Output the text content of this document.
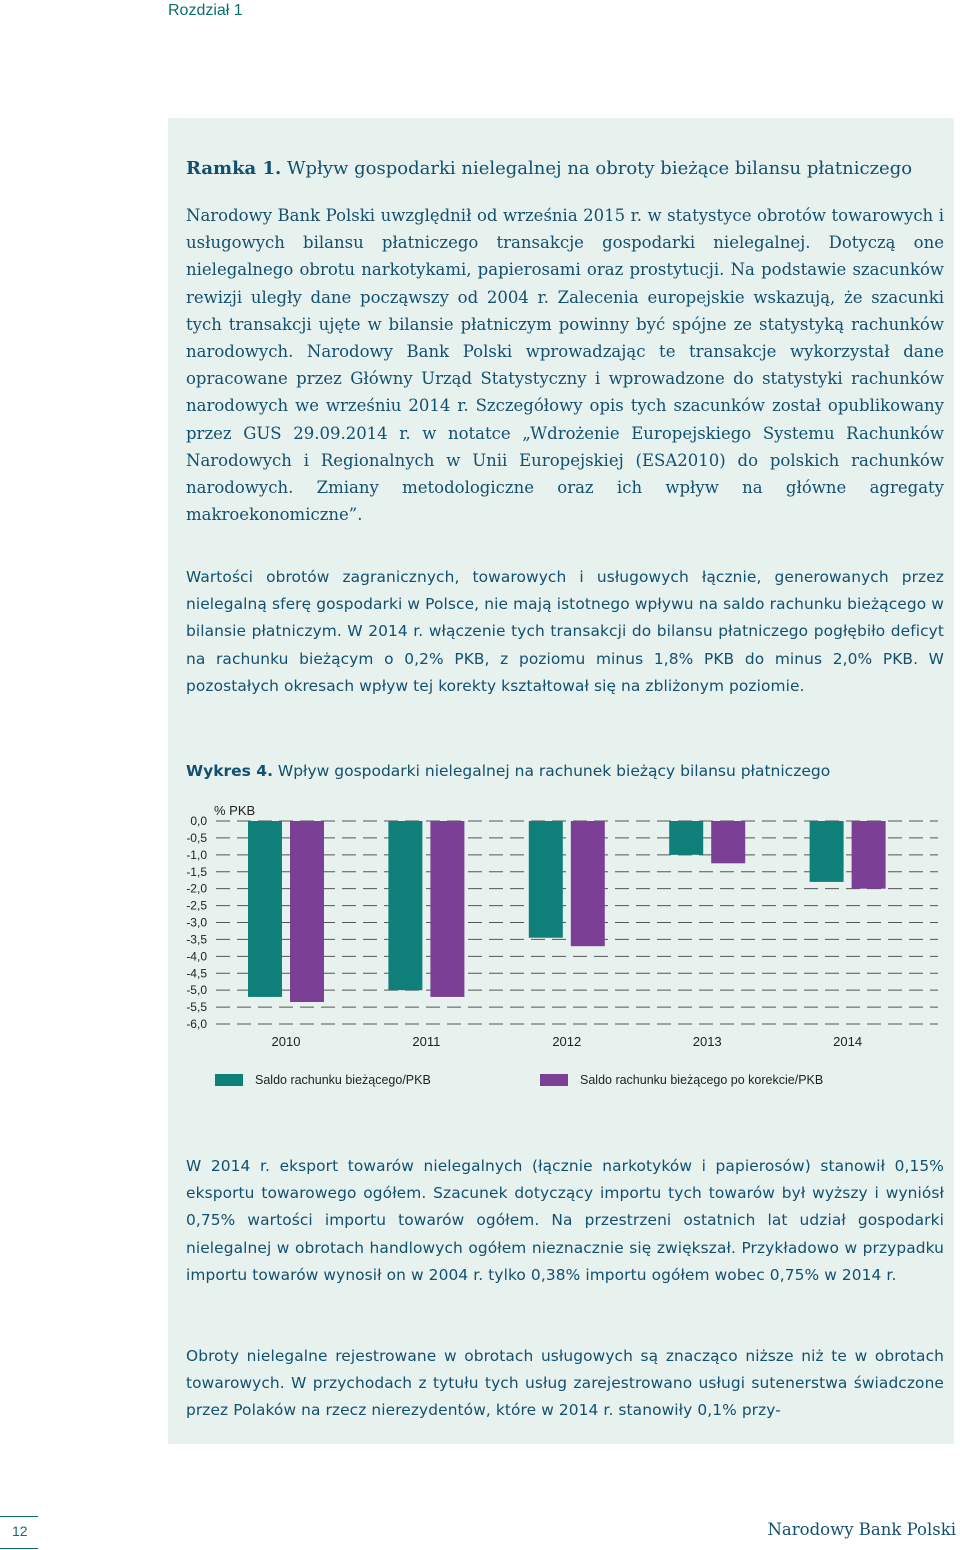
Rozdział 1
Ramka 1. Wpływ gospodarki nielegalnej na obroty bieżące bilansu płatniczego

Narodowy Bank Polski uwzględnił od września 2015 r. w statystyce obrotów towarowych i usługowych bilansu płatniczego transakcje gospodarki nielegalnej. Dotyczą one nielegalnego obrotu narkotykami, papierosami oraz prostytucji. Na podstawie szacunków rewizji uległy dane począwszy od 2004 r. Zalecenia europejskie wskazują, że szacunki tych transakcji ujęte w bilansie płatniczym powinny być spójne ze statystyką rachunków narodowych. Narodowy Bank Polski wprowadzając te transakcje wykorzystał dane opracowane przez Główny Urząd Statystyczny i wprowadzone do statystyki rachunków narodowych we wrześniu 2014 r. Szczegółowy opis tych szacunków został opublikowany przez GUS 29.09.2014 r. w notatce „Wdrożenie Europejskiego Systemu Rachunków Narodowych i Regionalnych w Unii Europejskiej (ESA2010) do polskich rachunków narodowych. Zmiany metodologiczne oraz ich wpływ na główne agregaty makroekonomiczne”.

Wartości obrotów zagranicznych, towarowych i usługowych łącznie, generowanych przez nielegalną sferę gospodarki w Polsce, nie mają istotnego wpływu na saldo rachunku bieżącego w bilansie płatniczym. W 2014 r. włączenie tych transakcji do bilansu płatniczego pogłębiło deficyt na rachunku bieżącym o 0,2% PKB, z poziomu minus 1,8% PKB do minus 2,0% PKB. W pozostałych okresach wpływ tej korekty kształtował się na zbliżonym poziomie.

Wykres 4. Wpływ gospodarki nielegalnej na rachunek bieżący bilansu płatniczego
0,0
-0,5
-1,0
-1,5
-2,0
-2,5
-3,0
-3,5
-4,0
-4,5
-5,0
-5,5
-6,0
% PKB
2010	2011	2012	2013	2014
Saldo rachunku bieżącego/PKB	Saldo rachunku bieżącego po korekcie/PKB

W 2014 r. eksport towarów nielegalnych (łącznie narkotyków i papierosów) stanowił 0,15% eksportu towarowego ogółem. Szacunek dotyczący importu tych towarów był wyższy i wyniósł 0,75% wartości importu towarów ogółem. Na przestrzeni ostatnich lat udział gospodarki nielegalnej w obrotach handlowych ogółem nieznacznie się zwiększał. Przykładowo w przypadku importu towarów wynosił on w 2004 r. tylko 0,38% importu ogółem wobec 0,75% w 2014 r.

Obroty nielegalne rejestrowane w obrotach usługowych są znacząco niższe niż te w obrotach towarowych. W przychodach z tytułu tych usług zarejestrowano usługi sutenerstwa świadczone przez Polaków na rzecz nierezydentów, które w 2014 r. stanowiły 0,1% przy-

12	Narodowy Bank Polski
